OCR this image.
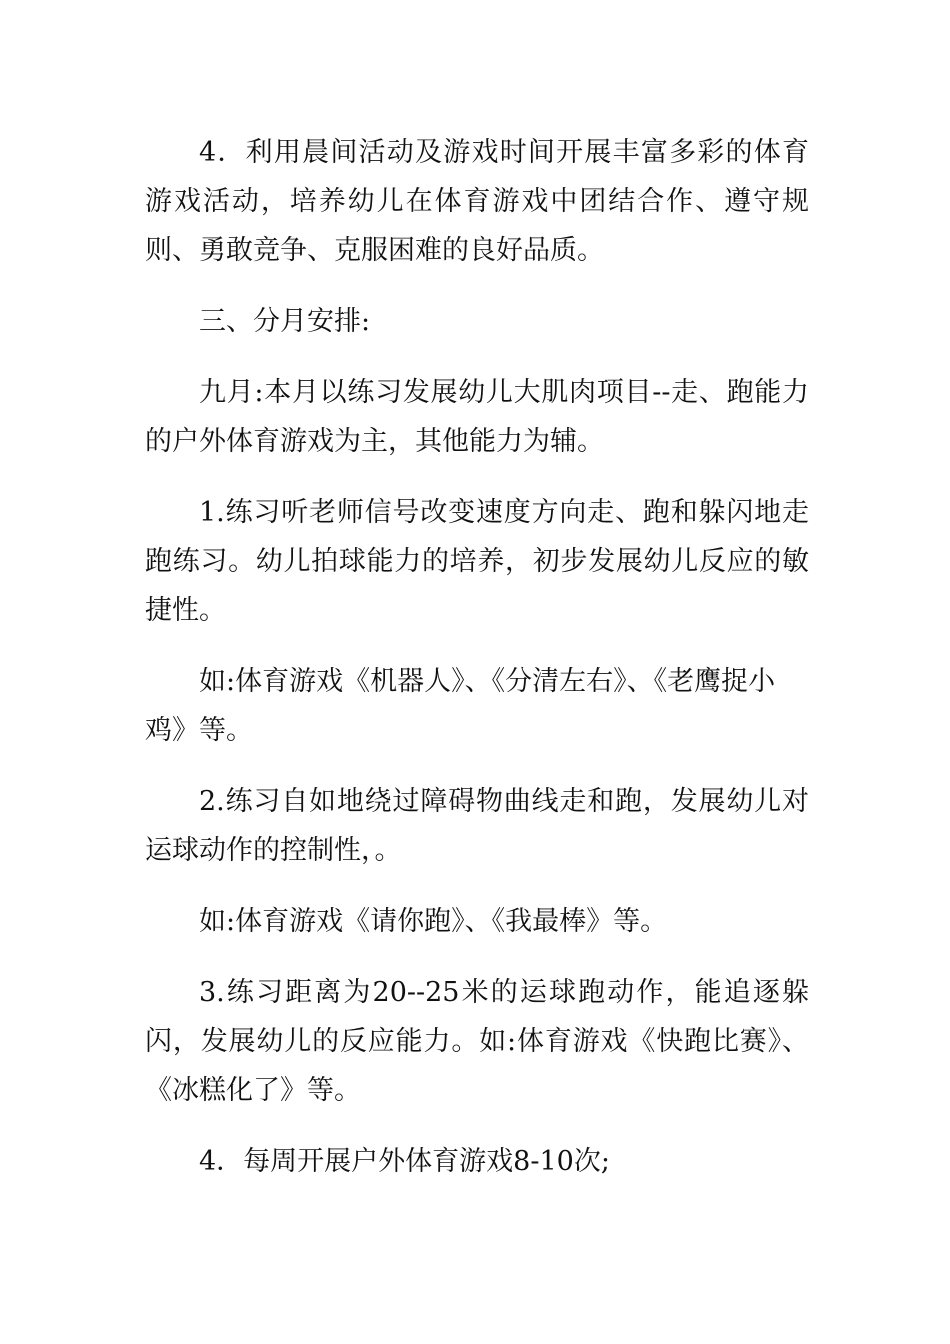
4．利用晨间活动及游戏时间开展丰富多彩的体育游戏活动，培养幼儿在体育游戏中团结合作、遵守规则、勇敢竞争、克服困难的良好品质。

三、分月安排:

九月:本月以练习发展幼儿大肌肉项目--走、跑能力的户外体育游戏为主，其他能力为辅。

1.练习听老师信号改变速度方向走、跑和躲闪地走跑练习。幼儿拍球能力的培养，初步发展幼儿反应的敏捷性。

如:体育游戏《机器人》、《分清左右》、《老鹰捉小鸡》等。

2.练习自如地绕过障碍物曲线走和跑，发展幼儿对运球动作的控制性，。

如:体育游戏《请你跑》、《我最棒》等。

3.练习距离为20--25米的运球跑动作，能追逐躲闪，发展幼儿的反应能力。如:体育游戏《快跑比赛》、《冰糕化了》等。

4．每周开展户外体育游戏8-10次;
